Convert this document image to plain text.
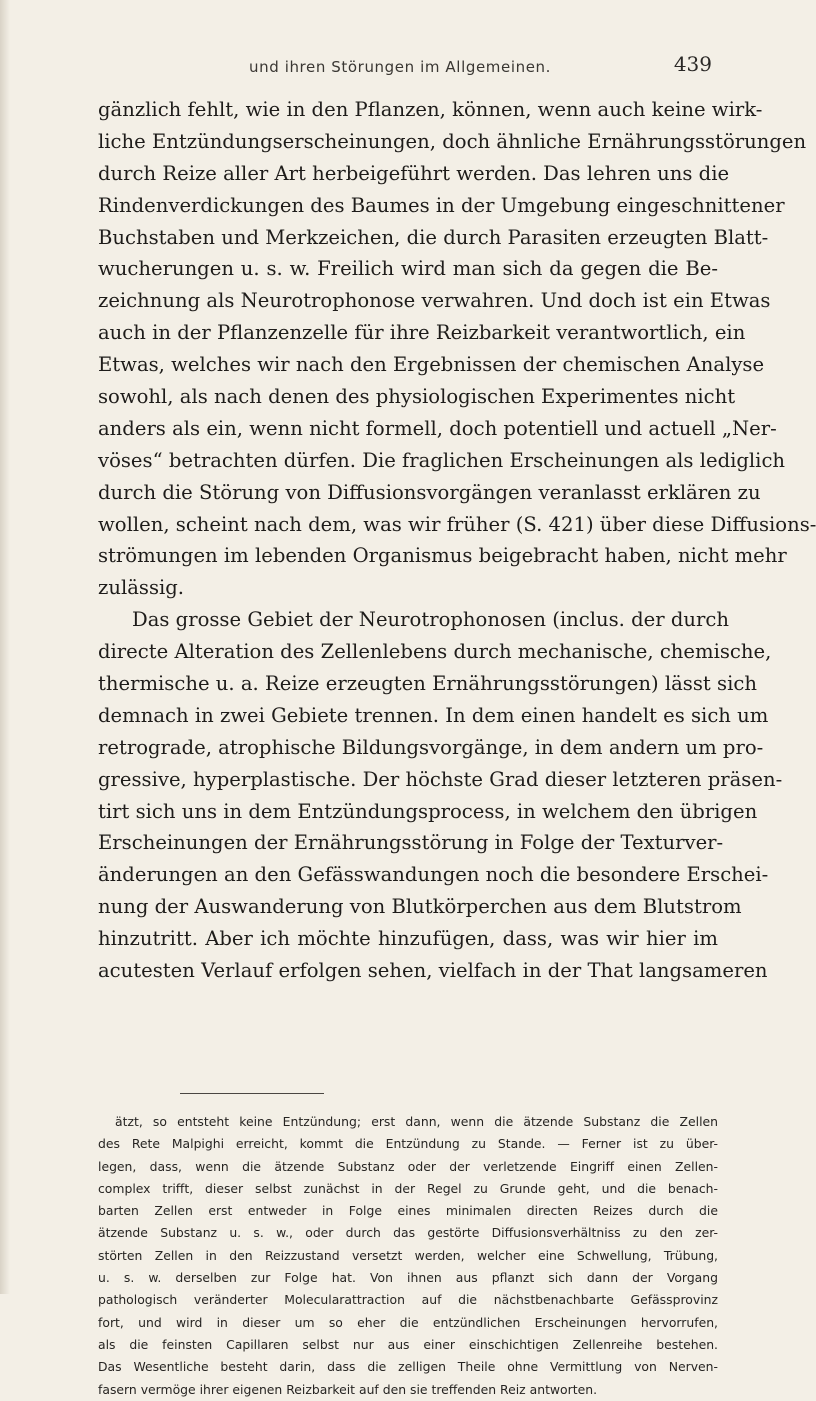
und ihren Störungen im Allgemeinen.	439
gänzlich fehlt, wie in den Pflanzen, können, wenn auch keine wirk-
liche Entzündungserscheinungen, doch ähnliche Ernährungsstörungen
durch Reize aller Art herbeigeführt werden. Das lehren uns die
Rindenverdickungen des Baumes in der Umgebung eingeschnittener
Buchstaben und Merkzeichen, die durch Parasiten erzeugten Blatt-
wucherungen u. s. w. Freilich wird man sich da gegen die Be-
zeichnung als Neurotrophonose verwahren. Und doch ist ein Etwas
auch in der Pflanzenzelle für ihre Reizbarkeit verantwortlich, ein
Etwas, welches wir nach den Ergebnissen der chemischen Analyse
sowohl, als nach denen des physiologischen Experimentes nicht
anders als ein, wenn nicht formell, doch potentiell und actuell „Ner-
vöses“ betrachten dürfen. Die fraglichen Erscheinungen als lediglich
durch die Störung von Diffusionsvorgängen veranlasst erklären zu
wollen, scheint nach dem, was wir früher (S. 421) über diese Diffusions-
strömungen im lebenden Organismus beigebracht haben, nicht mehr
zulässig.
Das grosse Gebiet der Neurotrophonosen (inclus. der durch
directe Alteration des Zellenlebens durch mechanische, chemische,
thermische u. a. Reize erzeugten Ernährungsstörungen) lässt sich
demnach in zwei Gebiete trennen. In dem einen handelt es sich um
retrograde, atrophische Bildungsvorgänge, in dem andern um pro-
gressive, hyperplastische. Der höchste Grad dieser letzteren präsen-
tirt sich uns in dem Entzündungsprocess, in welchem den übrigen
Erscheinungen der Ernährungsstörung in Folge der Texturver-
änderungen an den Gefässwandungen noch die besondere Erschei-
nung der Auswanderung von Blutkörperchen aus dem Blutstrom
hinzutritt. Aber ich möchte hinzufügen, dass, was wir hier im
acutesten Verlauf erfolgen sehen, vielfach in der That langsameren
ätzt, so entsteht keine Entzündung; erst dann, wenn die ätzende Substanz die Zellen
des Rete Malpighi erreicht, kommt die Entzündung zu Stande. — Ferner ist zu über-
legen, dass, wenn die ätzende Substanz oder der verletzende Eingriff einen Zellen-
complex trifft, dieser selbst zunächst in der Regel zu Grunde geht, und die benach-
barten Zellen erst entweder in Folge eines minimalen directen Reizes durch die
ätzende Substanz u. s. w., oder durch das gestörte Diffusionsverhältniss zu den zer-
störten Zellen in den Reizzustand versetzt werden, welcher eine Schwellung, Trübung,
u. s. w. derselben zur Folge hat. Von ihnen aus pflanzt sich dann der Vorgang
pathologisch veränderter Molecularattraction auf die nächstbenachbarte Gefässprovinz
fort, und wird in dieser um so eher die entzündlichen Erscheinungen hervorrufen,
als die feinsten Capillaren selbst nur aus einer einschichtigen Zellenreihe bestehen.
Das Wesentliche besteht darin, dass die zelligen Theile ohne Vermittlung von Nerven-
fasern vermöge ihrer eigenen Reizbarkeit auf den sie treffenden Reiz antworten.
